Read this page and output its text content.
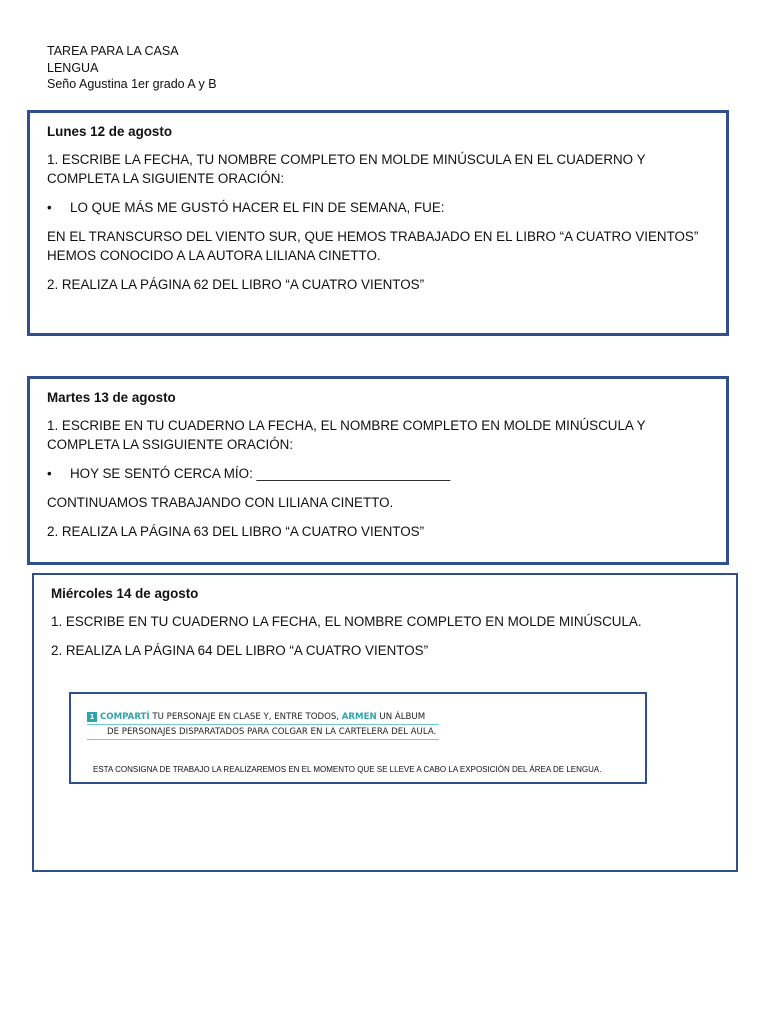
TAREA PARA LA CASA
LENGUA
Seño Agustina 1er grado A y B
Lunes 12 de agosto

1. ESCRIBE LA FECHA, TU NOMBRE COMPLETO EN MOLDE MINÚSCULA EN EL CUADERNO Y COMPLETA LA SIGUIENTE ORACIÓN:

•	LO QUE MÁS ME GUSTÓ HACER EL FIN DE SEMANA, FUE:

EN EL TRANSCURSO DEL VIENTO SUR, QUE HEMOS TRABAJADO EN EL LIBRO “A CUATRO VIENTOS” HEMOS CONOCIDO A LA AUTORA LILIANA CINETTO.

2. REALIZA LA PÁGINA 62 DEL LIBRO “A CUATRO VIENTOS”

Martes 13 de agosto

1. ESCRIBE EN TU CUADERNO LA FECHA, EL NOMBRE COMPLETO EN MOLDE MINÚSCULA Y COMPLETA LA SSIGUIENTE ORACIÓN:

•	HOY SE SENTÓ CERCA MÍO: __________________________

CONTINUAMOS TRABAJANDO CON LILIANA CINETTO.

2. REALIZA LA PÁGINA 63 DEL LIBRO “A CUATRO VIENTOS”

Miércoles 14 de agosto

1. ESCRIBE EN TU CUADERNO LA FECHA, EL NOMBRE COMPLETO EN MOLDE MINÚSCULA.

2. REALIZA LA PÁGINA 64 DEL LIBRO “A CUATRO VIENTOS”

1 COMPARTÍ TU PERSONAJE EN CLASE Y, ENTRE TODOS, ARMEN UN ÁLBUM
DE PERSONAJES DISPARATADOS PARA COLGAR EN LA CARTELERA DEL AULA.
ESTA CONSIGNA DE TRABAJO LA REALIZAREMOS EN EL MOMENTO QUE SE LLEVE A CABO LA EXPOSICIÓN DEL ÁREA DE LENGUA.
